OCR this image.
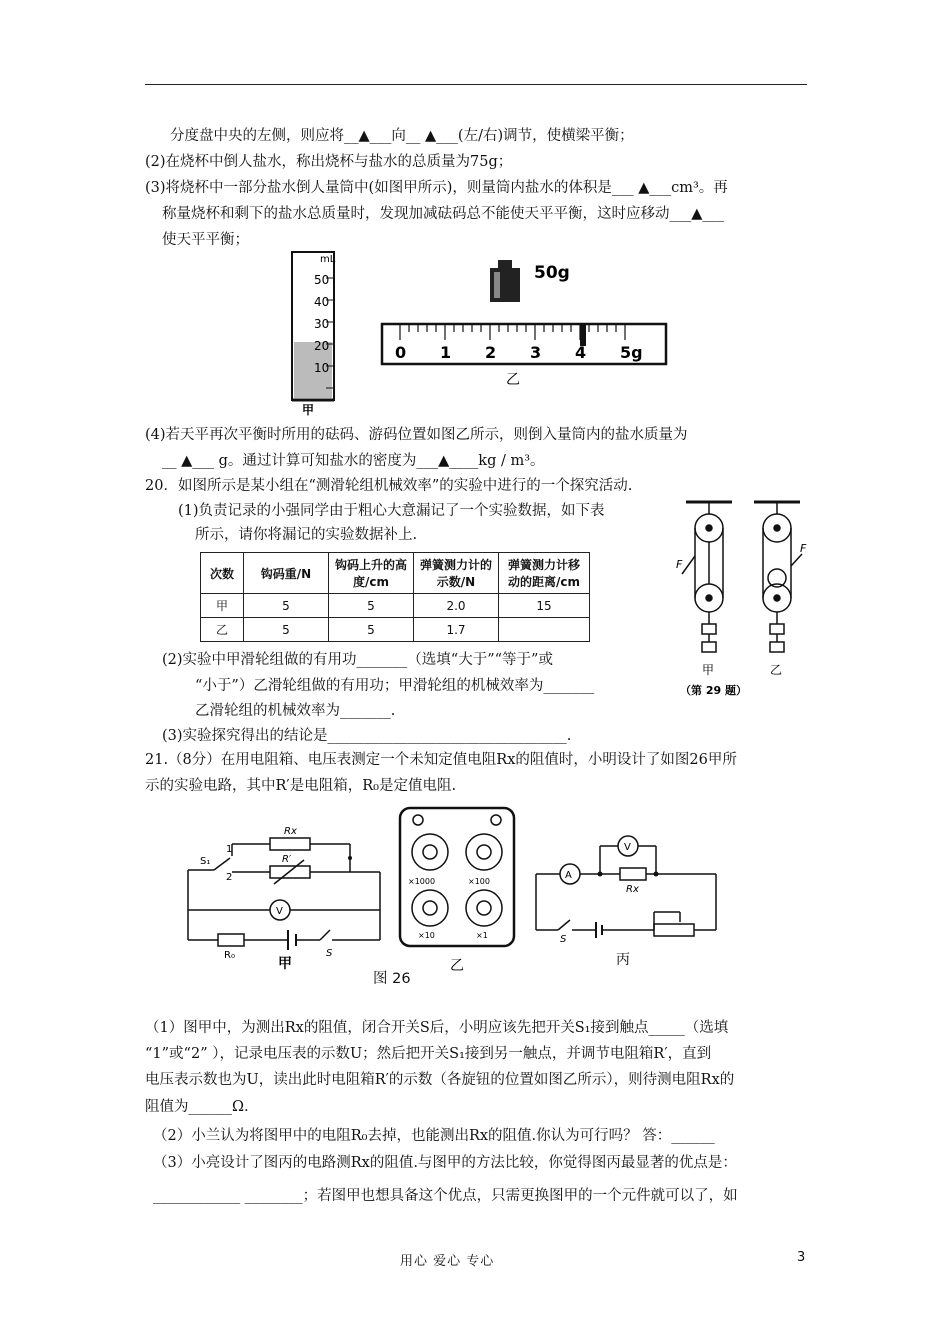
分度盘中央的左侧，则应将__▲___向__ ▲___(左/右)调节，使横梁平衡；
(2)在烧杯中倒人盐水，称出烧杯与盐水的总质量为75g；
(3)将烧杯中一部分盐水倒人量筒中(如图甲所示)，则量筒内盐水的体积是___ ▲___cm³。再
称量烧杯和剩下的盐水总质量时，发现加减砝码总不能使天平平衡，这时应移动___▲___
使天平平衡；
mL
50
40
30
20
10
甲
50g
0 1 2 3 4 5g
乙
(4)若天平再次平衡时所用的砝码、游码位置如图乙所示，则倒入量筒内的盐水质量为
__ ▲___ g。通过计算可知盐水的密度为___▲____kg / m³。
20．如图所示是某小组在“测滑轮组机械效率”的实验中进行的一个探究活动.
(1)负责记录的小强同学由于粗心大意漏记了一个实验数据，如下表
所示，请你将漏记的实验数据补上.
次数	钩码重/N	钩码上升的高度/cm	弹簧测力计的示数/N	弹簧测力计移动的距离/cm
甲	5	5	2.0	15
乙	5	5	1.7	
F
F
甲	乙
（第 29 题）
(2)实验中甲滑轮组做的有用功_______（选填“大于”“等于”或
“小于”）乙滑轮组做的有用功；甲滑轮组的机械效率为_______
乙滑轮组的机械效率为_______.
(3)实验探究得出的结论是_________________________________.
21.（8分）在用电阻箱、电压表测定一个未知定值电阻Rx的阻值时，小明设计了如图26甲所
示的实验电路，其中R′是电阻箱，R₀是定值电阻.
Rx
R′
S₁
1
2
V
R₀	S
甲
×1000	×100
×10	×1
乙
A
V
Rx
S
丙
图 26
（1）图甲中，为测出Rx的阻值，闭合开关S后，小明应该先把开关S₁接到触点_____（选填
“1”或“2” ），记录电压表的示数U；然后把开关S₁接到另一触点，并调节电阻箱R′，直到
电压表示数也为U，读出此时电阻箱R′的示数（各旋钮的位置如图乙所示），则待测电阻Rx的
阻值为______Ω.
（2）小兰认为将图甲中的电阻R₀去掉，也能测出Rx的阻值.你认为可行吗？ 答：______
（3）小亮设计了图丙的电路测Rx的阻值.与图甲的方法比较，你觉得图丙最显著的优点是：
____________ ________；若图甲也想具备这个优点，只需更换图甲的一个元件就可以了，如
用心 爱心 专心	3
